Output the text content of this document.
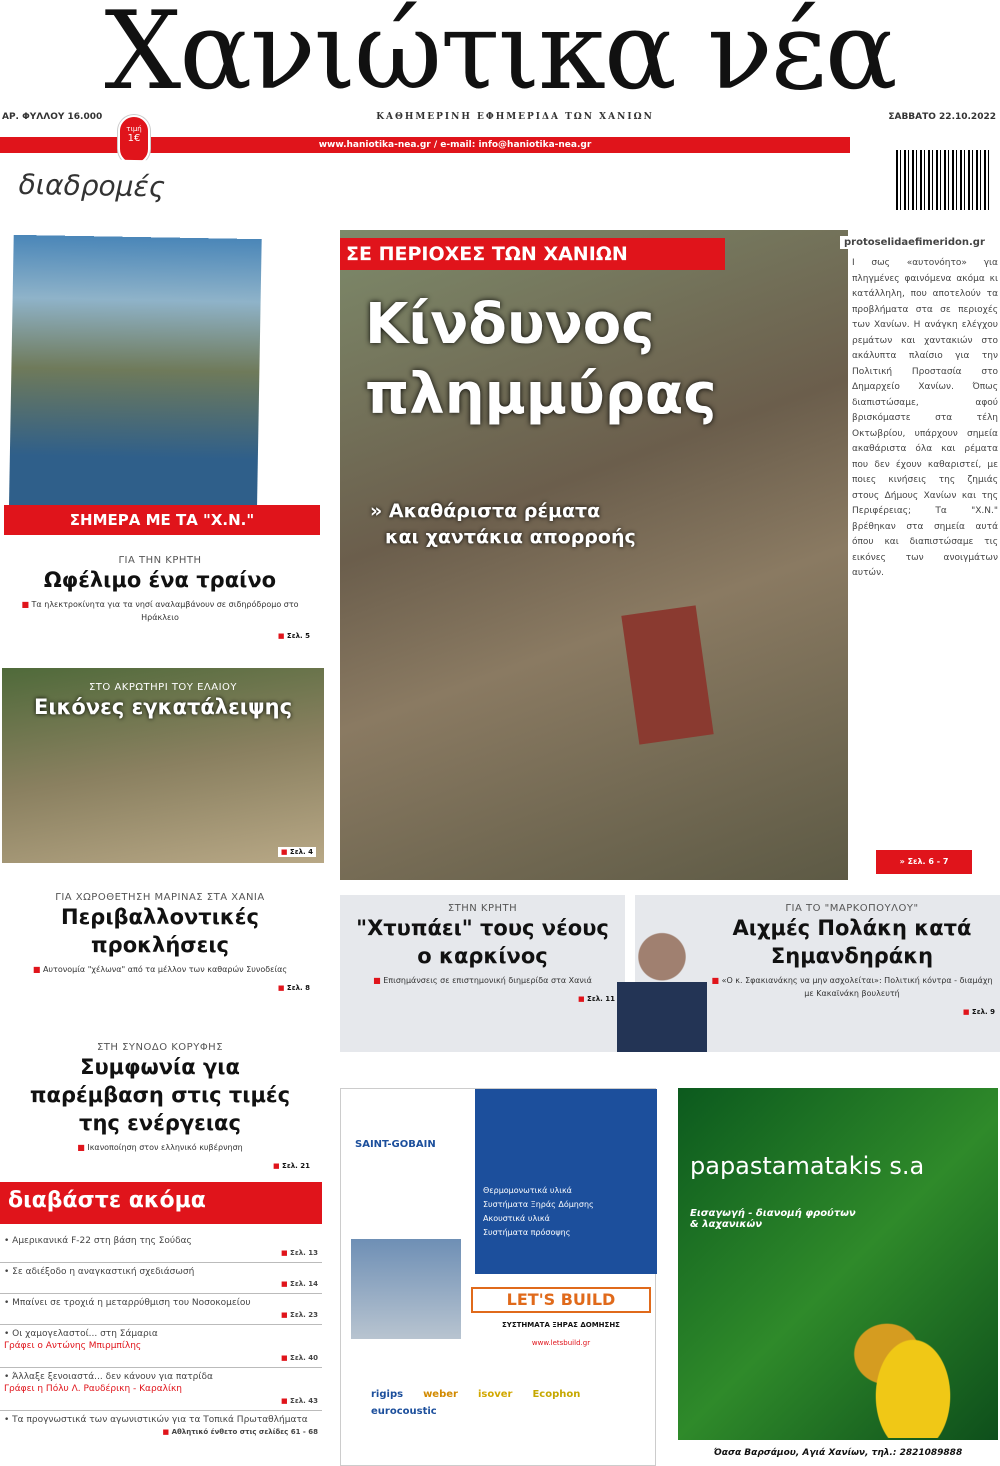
Χανιώτικα νέα
ΑΡ. ΦΥΛΛΟΥ 16.000	ΚΑΘΗΜΕΡΙΝΗ ΕΦΗΜΕΡΙΔΑ ΤΩΝ ΧΑΝΙΩΝ	ΣΑΒΒΑΤΟ 22.10.2022
www.haniotika-nea.gr / e-mail: info@haniotika-nea.gr
τιμή
1€
διαδρομές
ΣΗΜΕΡΑ ΜΕ ΤΑ "Χ.Ν."
ΓΙΑ ΤΗΝ ΚΡΗΤΗ
Ωφέλιμο ένα τραίνο
■ Τα ηλεκτροκίνητα για τα νησί αναλαμβάνουν σε σιδηρόδρομο στο Ηράκλειο
■ Σελ. 5
ΣΤΟ ΑΚΡΩΤΗΡΙ ΤΟΥ ΕΛΑΙΟΥ
Εικόνες εγκατάλειψης
■ Σελ. 4
ΓΙΑ ΧΩΡΟΘΕΤΗΣΗ ΜΑΡΙΝΑΣ ΣΤΑ ΧΑΝΙΑ
Περιβαλλοντικές προκλήσεις
■ Αυτονομία "χέλωνα" από τα μέλλον των καθαρών Συνοδείας
■ Σελ. 8
ΣΤΗ ΣΥΝΟΔΟ ΚΟΡΥΦΗΣ
Συμφωνία για παρέμβαση στις τιμές της ενέργειας
■ Ικανοποίηση στον ελληνικό κυβέρνηση
■ Σελ. 21
διαβάστε ακόμα
• Αμερικανικά F-22 στη βάση της Σούδας
■ Σελ. 13
• Σε αδιέξοδο η αναγκαστική σχεδιάσωσή
■ Σελ. 14
• Μπαίνει σε τροχιά η μεταρρύθμιση του Νοσοκομείου
■ Σελ. 23
• Οι χαμογελαστοί... στη Σάμαρια
Γράφει ο Αντώνης Μπιρμπίλης
■ Σελ. 40
• Άλλαξε ξενοιαστά... δεν κάνουν για πατρίδα
Γράφει η Πόλυ Λ. Ραυδέρικη - Καραλίκη
■ Σελ. 43
• Τα προγνωστικά των αγωνιστικών για τα Τοπικά Πρωταθλήματα
■ Αθλητικό ένθετο στις σελίδες 61 - 68
ΣΕ ΠΕΡΙΟΧΕΣ ΤΩΝ ΧΑΝΙΩΝ
Κίνδυνος
πλημμύρας
» Ακαθάριστα ρέματα
και χαντάκια απορροής
protoselidaefimeridon.gr
Ι σως «αυτονόητο» για πληγμένες φαινόμενα ακόμα κι κατάλληλη, που αποτελούν τα προβλήματα στα σε περιοχές των Χανίων. Η ανάγκη ελέγχου ρεμάτων και χαντακιών στο ακάλυπτα πλαίσιο για την Πολιτική Προστασία στο Δημαρχείο Χανίων. Όπως διαπιστώσαμε, αφού βρισκόμαστε στα τέλη Οκτωβρίου, υπάρχουν σημεία ακαθάριστα όλα και ρέματα που δεν έχουν καθαριστεί, με ποιες κινήσεις της ζημιάς στους Δήμους Χανίων και της Περιφέρειας; Τα "Χ.Ν." βρέθηκαν στα σημεία αυτά όπου και διαπιστώσαμε τις εικόνες των ανοιγμάτων αυτών.
» Σελ. 6 - 7
ΣΤΗΝ ΚΡΗΤΗ
"Χτυπάει" τους νέους ο καρκίνος
■ Επισημάνσεις σε επιστημονική διημερίδα στα Χανιά
■ Σελ. 11
ΓΙΑ ΤΟ "ΜΑΡΚΟΠΟΥΛΟΥ"
Αιχμές Πολάκη κατά Σημανδηράκη
■ «Ο κ. Σφακιανάκης να μην ασχολείται»: Πολιτική κόντρα - διαμάχη με Κακαϊνάκη βουλευτή
■ Σελ. 9
SAINT-GOBAIN
Θερμομονωτικά υλικά
Συστήματα Ξηράς Δόμησης
Ακουστικά υλικά
Συστήματα πρόσοψης
LET'S BUILD
ΣΥΣΤΗΜΑΤΑ ΞΗΡΑΣ ΔΟΜΗΣΗΣ
www.letsbuild.gr
rigips weber isover Ecophon
eurocoustic
papastamatakis s.a
Εισαγωγή - διανομή φρούτων & λαχανικών
Όασα Βαρσάμου, Αγιά Χανίων, τηλ.: 2821089888
